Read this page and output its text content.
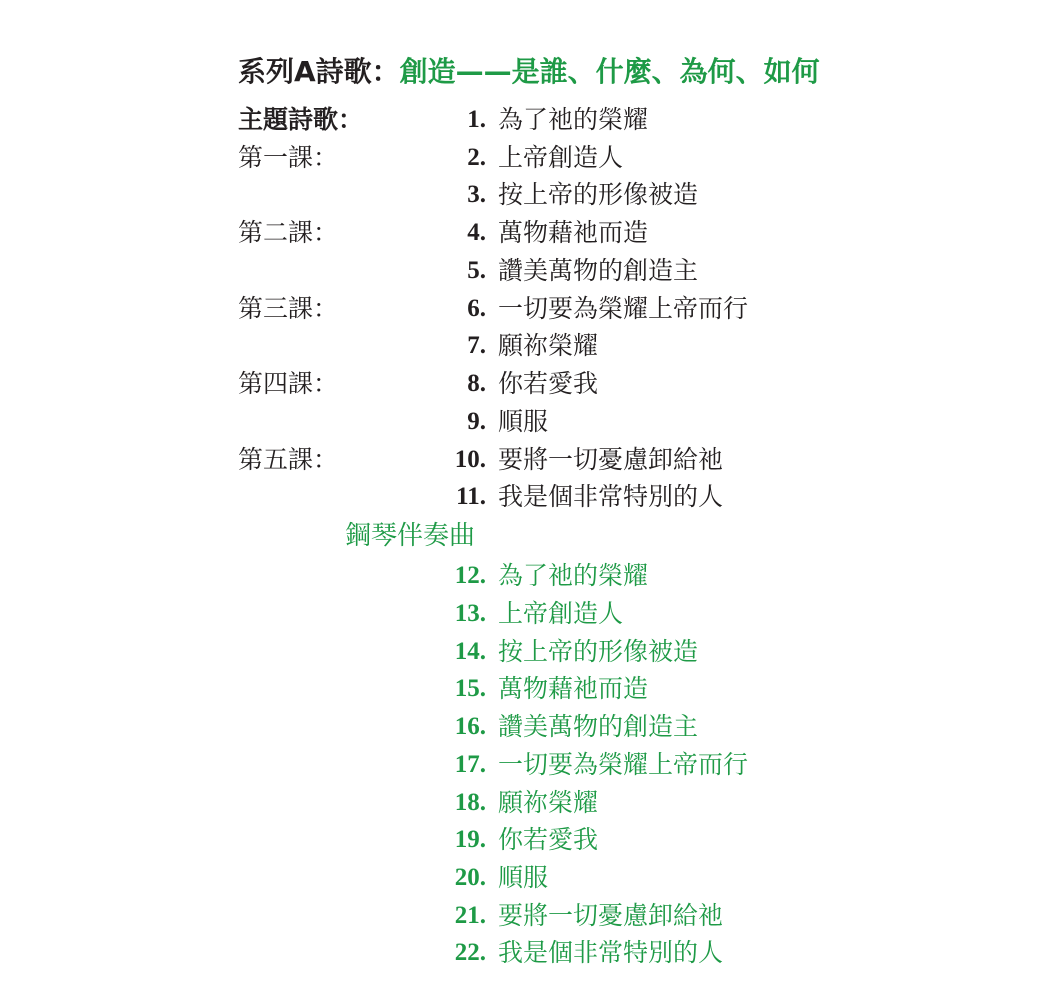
系列A詩歌：創造——是誰、什麼、為何、如何
主題詩歌：	1. 為了祂的榮耀
第一課：	2. 上帝創造人
3. 按上帝的形像被造
第二課：	4. 萬物藉祂而造
5. 讚美萬物的創造主
第三課：	6. 一切要為榮耀上帝而行
7. 願祢榮耀
第四課：	8. 你若愛我
9. 順服
第五課：	10. 要將一切憂慮卸給祂
11. 我是個非常特別的人
鋼琴伴奏曲
12. 為了祂的榮耀
13. 上帝創造人
14. 按上帝的形像被造
15. 萬物藉祂而造
16. 讚美萬物的創造主
17. 一切要為榮耀上帝而行
18. 願祢榮耀
19. 你若愛我
20. 順服
21. 要將一切憂慮卸給祂
22. 我是個非常特別的人
